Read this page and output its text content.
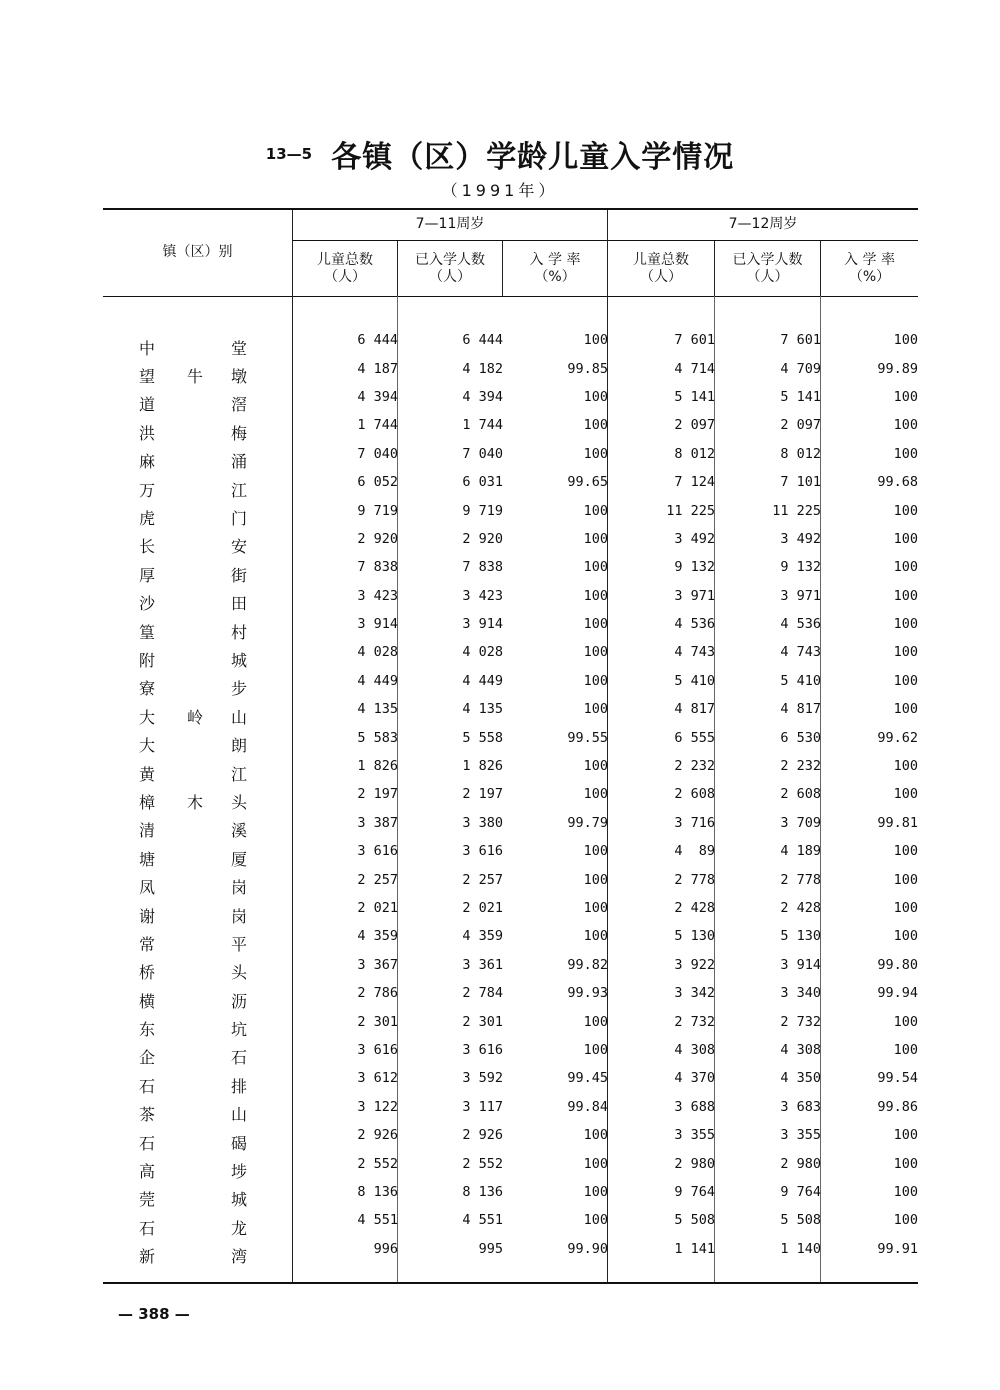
13—5 各镇（区）学龄儿童入学情况
（1991年）
镇（区）别
7—11周岁	7—12周岁
儿童总数
（人）
已入学人数
（人）
入 学 率
（%）
儿童总数
（人）
已入学人数
（人）
入 学 率
（%）
中 堂	6 444	6 444	100	7 601	7 601	100

望 牛 墩	4 187	4 182	99.85	4 714	4 709	99.89

道 滘	4 394	4 394	100	5 141	5 141	100

洪 梅	1 744	1 744	100	2 097	2 097	100

麻 涌	7 040	7 040	100	8 012	8 012	100

万 江	6 052	6 031	99.65	7 124	7 101	99.68

虎 门	9 719	9 719	100	11 225	11 225	100

长 安	2 920	2 920	100	3 492	3 492	100

厚 街	7 838	7 838	100	9 132	9 132	100

沙 田	3 423	3 423	100	3 971	3 971	100

篁 村	3 914	3 914	100	4 536	4 536	100

附 城	4 028	4 028	100	4 743	4 743	100

寮 步	4 449	4 449	100	5 410	5 410	100

大 岭 山	4 135	4 135	100	4 817	4 817	100

大 朗	5 583	5 558	99.55	6 555	6 530	99.62

黄 江	1 826	1 826	100	2 232	2 232	100

樟 木 头	2 197	2 197	100	2 608	2 608	100

清 溪	3 387	3 380	99.79	3 716	3 709	99.81

塘 厦	3 616	3 616	100	4  89	4 189	100

凤 岗	2 257	2 257	100	2 778	2 778	100

谢 岗	2 021	2 021	100	2 428	2 428	100

常 平	4 359	4 359	100	5 130	5 130	100

桥 头	3 367	3 361	99.82	3 922	3 914	99.80

横 沥	2 786	2 784	99.93	3 342	3 340	99.94

东 坑	2 301	2 301	100	2 732	2 732	100

企 石	3 616	3 616	100	4 308	4 308	100

石 排	3 612	3 592	99.45	4 370	4 350	99.54

茶 山	3 122	3 117	99.84	3 688	3 683	99.86

石 碣	2 926	2 926	100	3 355	3 355	100

高 埗	2 552	2 552	100	2 980	2 980	100

莞 城	8 136	8 136	100	9 764	9 764	100

石 龙	4 551	4 551	100	5 508	5 508	100

新 湾	996	995	99.90	1 141	1 140	99.91
— 388 —
